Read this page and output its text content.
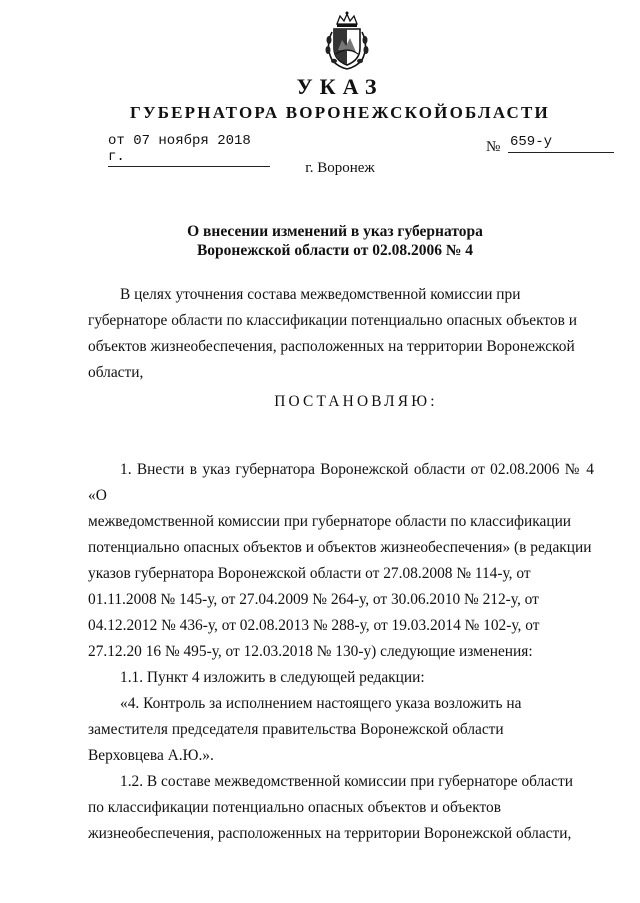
УКАЗ
ГУБЕРНАТОРА ВОРОНЕЖСКОЙОБЛАСТИ
от 07 ноября 2018 г.
№ 659-у
г. Воронеж
О внесении изменений в указ губернатора
Воронежской области от 02.08.2006 № 4

В целях уточнения состава межведомственной комиссии при

губернаторе области по классификации потенциально опасных объектов и

объектов жизнеобеспечения, расположенных на территории Воронежской

области,

ПОСТАНОВЛЯЮ:

1. Внести в указ губернатора Воронежской области от 02.08.2006 № 4 «О

межведомственной комиссии при губернаторе области по классификации

потенциально опасных объектов и объектов жизнеобеспечения» (в редакции

указов губернатора Воронежской области от 27.08.2008 № 114-у, от

01.11.2008 № 145-у, от 27.04.2009 № 264-у, от 30.06.2010 № 212-у, от

04.12.2012 № 436-у, от 02.08.2013 № 288-у, от 19.03.2014 № 102-у, от

27.12.20 16 № 495-у, от 12.03.2018 № 130-у) следующие изменения:

1.1. Пункт 4 изложить в следующей редакции:

«4. Контроль за исполнением настоящего указа возложить на

заместителя председателя правительства Воронежской области

Верховцева А.Ю.».

1.2. В составе межведомственной комиссии при губернаторе области

по классификации потенциально опасных объектов и объектов

жизнеобеспечения, расположенных на территории Воронежской области,
